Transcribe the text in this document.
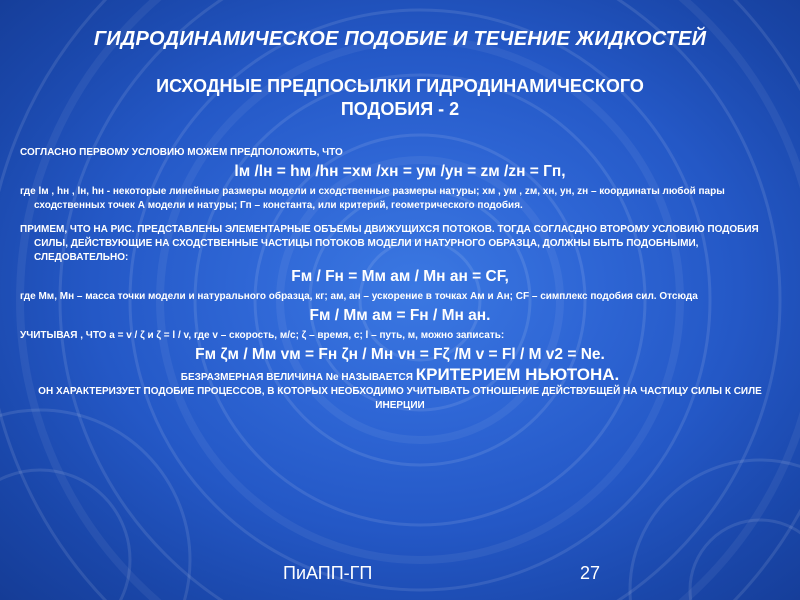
ГИДРОДИНАМИЧЕСКОЕ ПОДОБИЕ И ТЕЧЕНИЕ ЖИДКОСТЕЙ
ИСХОДНЫЕ ПРЕДПОСЫЛКИ ГИДРОДИНАМИЧЕСКОГО
ПОДОБИЯ - 2

СОГЛАСНО ПЕРВОМУ УСЛОВИЮ МОЖЕМ ПРЕДПОЛОЖИТЬ, ЧТО

lм /lн = hм /hн =xм /xн = yм /yн = zм /zн = Гп,

где lм , hн , lн, hн - некоторые линейные размеры модели и сходственные размеры натуры; xм , yм , zм, xн, yн, zн – координаты любой пары сходственных точек А модели и натуры; Гп – константа, или критерий, геометрического подобия.

ПРИМЕМ, ЧТО НА РИС. ПРЕДСТАВЛЕНЫ ЭЛЕМЕНТАРНЫЕ ОБЪЕМЫ ДВИЖУЩИХСЯ ПОТОКОВ. ТОГДА СОГЛАСДНО ВТОРОМУ УСЛОВИЮ ПОДОБИЯ СИЛЫ, ДЕЙСТВУЮЩИЕ НА СХОДСТВЕННЫЕ ЧАСТИЦЫ ПОТОКОВ МОДЕЛИ И НАТУРНОГО ОБРАЗЦА, ДОЛЖНЫ БЫТЬ ПОДОБНЫМИ, СЛЕДОВАТЕЛЬНО:

Fм / Fн = Mм aм / Mн aн = CF,

где Mм, Mн – масса точки модели и натурального образца, кг; aм, aн – ускорение в точках Aм и Aн; CF – симплекс подобия сил. Отсюда

Fм / Mм aм = Fн / Mн aн.

УЧИТЫВАЯ , ЧТО a = v / ζ и ζ = l / v, где v – скорость, м/с; ζ – время, с; l – путь, м, можно записать:

Fм ζм / Mм vм = Fн ζн / Mн vн = Fζ /M v = Fl / M v2 = Ne.

БЕЗРАЗМЕРНАЯ ВЕЛИЧИНА Ne НАЗЫВАЕТСЯ КРИТЕРИЕМ НЬЮТОНА.

ОН ХАРАКТЕРИЗУЕТ ПОДОБИЕ ПРОЦЕССОВ, В КОТОРЫХ НЕОБХОДИМО УЧИТЫВАТЬ ОТНОШЕНИЕ ДЕЙСТВУБЩЕЙ НА ЧАСТИЦУ СИЛЫ К СИЛЕ ИНЕРЦИИ

ПиАПП-ГП	27
